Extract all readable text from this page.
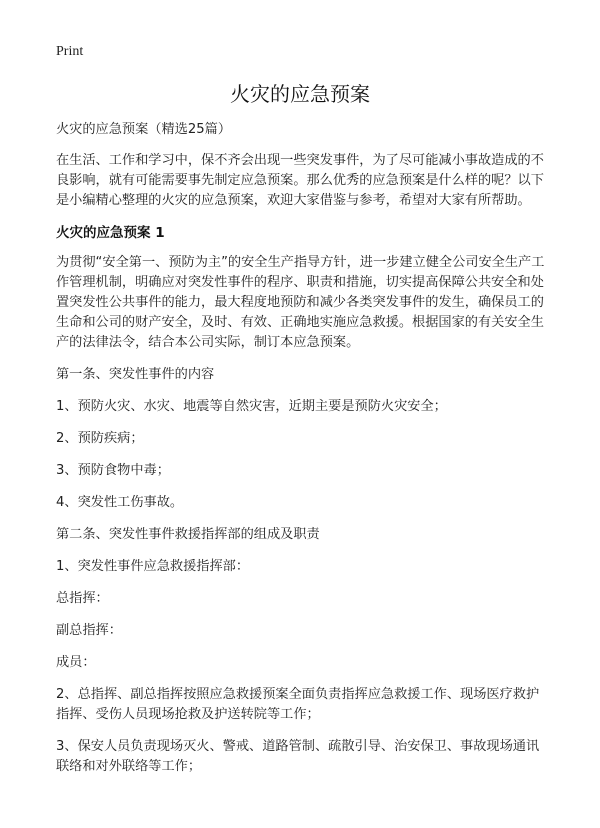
Print
火灾的应急预案

火灾的应急预案（精选25篇）

在生活、工作和学习中，保不齐会出现一些突发事件，为了尽可能减小事故造成的不良影响，就有可能需要事先制定应急预案。那么优秀的应急预案是什么样的呢？以下是小编精心整理的火灾的应急预案，欢迎大家借鉴与参考，希望对大家有所帮助。

火灾的应急预案 1

为贯彻“安全第一、预防为主”的安全生产指导方针，进一步建立健全公司安全生产工作管理机制，明确应对突发性事件的程序、职责和措施，切实提高保障公共安全和处置突发性公共事件的能力，最大程度地预防和减少各类突发事件的发生，确保员工的生命和公司的财产安全，及时、有效、正确地实施应急救援。根据国家的有关安全生产的法律法令，结合本公司实际，制订本应急预案。

第一条、突发性事件的内容

1、预防火灾、水灾、地震等自然灾害，近期主要是预防火灾安全；

2、预防疾病；

3、预防食物中毒；

4、突发性工伤事故。

第二条、突发性事件救援指挥部的组成及职责

1、突发性事件应急救援指挥部：

总指挥：

副总指挥：

成员：

2、总指挥、副总指挥按照应急救援预案全面负责指挥应急救援工作、现场医疗救护指挥、受伤人员现场抢救及护送转院等工作；

3、保安人员负责现场灭火、警戒、道路管制、疏散引导、治安保卫、事故现场通讯联络和对外联络等工作；
